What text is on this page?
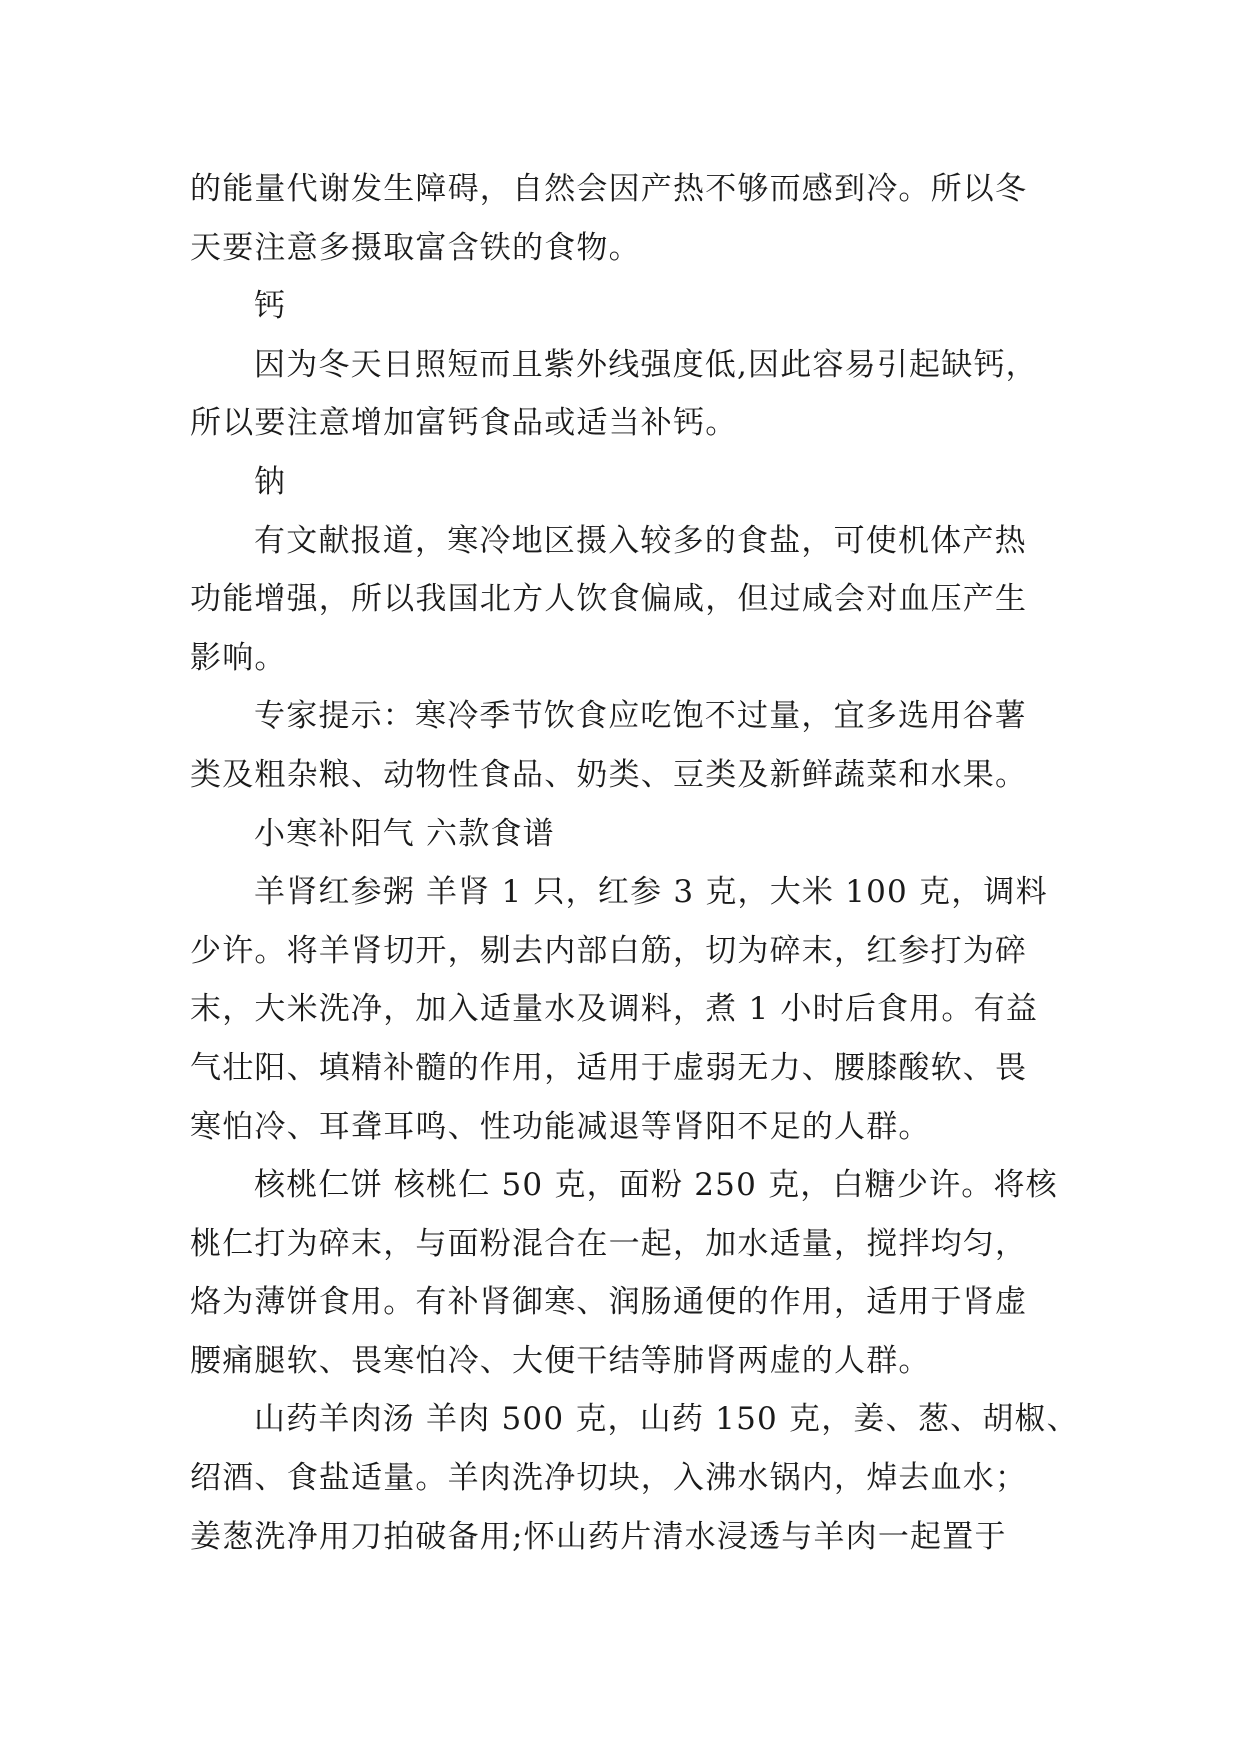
的能量代谢发生障碍，自然会因产热不够而感到冷。所以冬
天要注意多摄取富含铁的食物。
钙
因为冬天日照短而且紫外线强度低,因此容易引起缺钙，
所以要注意增加富钙食品或适当补钙。
钠
有文献报道，寒冷地区摄入较多的食盐，可使机体产热
功能增强，所以我国北方人饮食偏咸，但过咸会对血压产生
影响。
专家提示：寒冷季节饮食应吃饱不过量，宜多选用谷薯
类及粗杂粮、动物性食品、奶类、豆类及新鲜蔬菜和水果。
小寒补阳气 六款食谱
羊肾红参粥 羊肾 1 只，红参 3 克，大米 100 克，调料
少许。将羊肾切开，剔去内部白筋，切为碎末，红参打为碎
末，大米洗净，加入适量水及调料，煮 1 小时后食用。有益
气壮阳、填精补髓的作用，适用于虚弱无力、腰膝酸软、畏
寒怕冷、耳聋耳鸣、性功能减退等肾阳不足的人群。
核桃仁饼 核桃仁 50 克，面粉 250 克，白糖少许。将核
桃仁打为碎末，与面粉混合在一起，加水适量，搅拌均匀，
烙为薄饼食用。有补肾御寒、润肠通便的作用，适用于肾虚
腰痛腿软、畏寒怕冷、大便干结等肺肾两虚的人群。
山药羊肉汤 羊肉 500 克，山药 150 克，姜、葱、胡椒、
绍酒、食盐适量。羊肉洗净切块，入沸水锅内，焯去血水；
姜葱洗净用刀拍破备用;怀山药片清水浸透与羊肉一起置于
